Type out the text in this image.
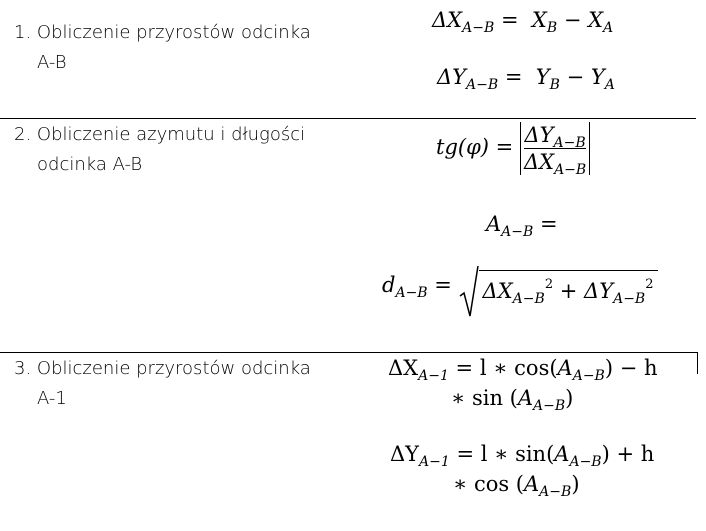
1. Obliczenie przyrostów odcinka
A-B
2. Obliczenie azymutu i długości
odcinka A-B
3. Obliczenie przyrostów odcinka
A-1
$\Delta X_{A-B} = X_B - X_A$
$\Delta Y_{A-B} = Y_B - Y_A$
$tg(\varphi) = \frac{\Delta Y_{A-B}}{\Delta X_{A-B}}$
$A_{A-B}$ =
$d_{A-B}$ =
$\Delta X_{A-B}^2 + \Delta Y_{A-B}^2$
$\Delta X_{A-1} = l$ ∗ $\cos(A_{A-B}) - h$
∗ $\sin (A_{A-B})$
$\Delta Y_{A-1} = l$ ∗ $\sin(A_{A-B}) + h$
∗ $\cos (A_{A-B})$
